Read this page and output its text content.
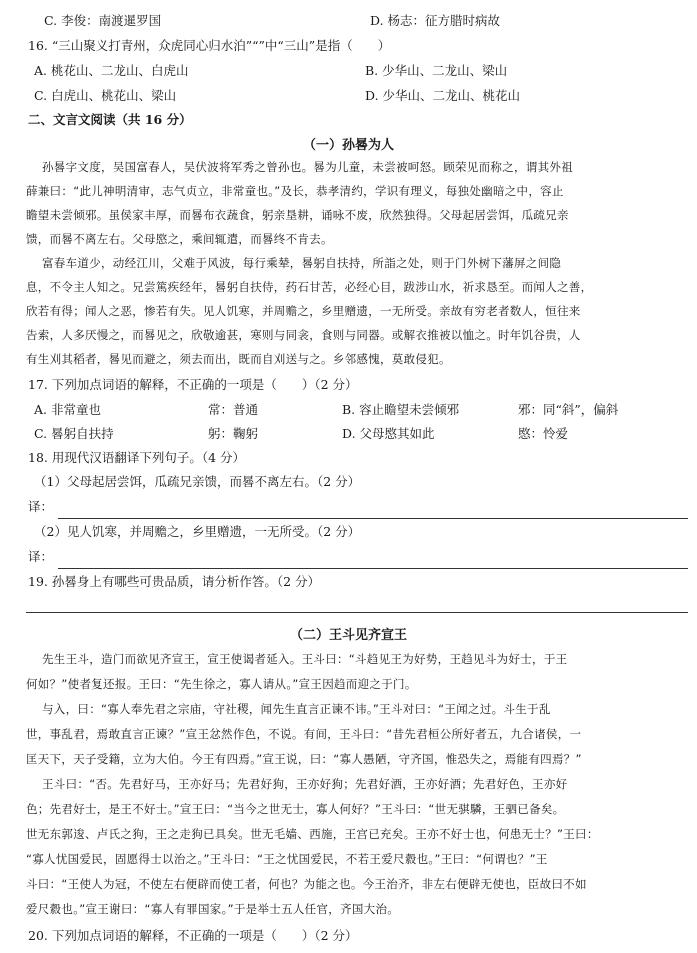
C. 李俊：南渡暹罗国	D. 杨志：征方腊时病故
16. “三山聚义打青州，众虎同心归水泊”“”中“三山”是指（　　）
A. 桃花山、二龙山、白虎山	B. 少华山、二龙山、梁山
C. 白虎山、桃花山、梁山	D. 少华山、二龙山、桃花山
二、文言文阅读（共 16 分）
（一）孙晷为人
孙晷字文度，吴国富春人，吴伏波将军秀之曾孙也。晷为儿童，未尝被呵怒。顾荣见而称之，谓其外祖
薛兼曰：“此儿神明清审，志气贞立，非常童也。”及长，恭孝清约，学识有理义，每独处幽暗之中，容止
瞻望未尝倾邪。虽侯家丰厚，而晷布衣蔬食，躬亲垦耕，诵咏不废，欣然独得。父母起居尝饵，瓜疏兄亲
馈，而晷不离左右。父母愍之，乘间辄遣，而晷终不肯去。
富春车道少，动经江川，父难于风波，每行乘辇，晷躬自扶持，所詣之处，则于门外树下藩屏之间隐
息，不令主人知之。兄尝篤疾经年，晷躬自扶侍，药石甘苦，必经心目，跋涉山水，祈求恳至。而闻人之善，
欣若有得；闻人之恶，惨若有失。见人饥寒，并周赡之，乡里赠遗，一无所受。亲故有穷老者数人，恒往来
告索，人多厌慢之，而晷见之，欣敬逾甚，寒则与同衾，食则与同器。或解衣推被以恤之。时年饥谷贵，人
有生刈其稻者，晷见而避之，须去而出，既而自刈送与之。乡邻感愧，莫敢侵犯。
17. 下列加点词语的解释，不正确的一项是（　　）（2 分）
A. 非常童也	常：普通	B. 容止瞻望未尝倾邪	邪：同“斜”，偏斜
C. 晷躬自扶持	躬：鞠躬	D. 父母愍其如此	愍：怜爱
18. 用现代汉语翻译下列句子。（4 分）
（1）父母起居尝饵，瓜疏兄亲馈，而晷不离左右。（2 分）
译：
（2）见人饥寒，并周赡之，乡里赠遗，一无所受。（2 分）
译：
19. 孙晷身上有哪些可贵品质，请分析作答。（2 分）
（二）王斗见齐宣王
先生王斗，造门而欲见齐宣王，宣王使谒者延入。王斗曰：“斗趋见王为好势，王趋见斗为好士，于王
何如？”使者复还报。王曰：“先生徐之，寡人请从。”宣王因趋而迎之于门。
与入，曰：“寡人奉先君之宗庙，守社稷，闻先生直言正谏不讳。”王斗对曰：“王闻之过。斗生于乱
世，事乱君，焉敢直言正谏？”宣王忿然作色，不说。有间，王斗曰：“昔先君桓公所好者五，九合诸侯，一
匡天下，天子受籍，立为大伯。今王有四焉。”宣王说，曰：“寡人愚陋，守齐国，惟恐失之，焉能有四焉？”
王斗曰：“否。先君好马，王亦好马；先君好狗，王亦好狗；先君好酒，王亦好酒；先君好色，王亦好
色；先君好士，是王不好士。”宣王曰：“当今之世无士，寡人何好？”王斗曰：“世无骐驎，王驷已备矣。
世无东郭逡、卢氏之狗，王之走狗已具矣。世无毛嫱、西施，王宫已充矣。王亦不好士也，何患无士？”王曰：
“寡人忧国爱民，固愿得士以治之。”王斗曰：“王之忧国爱民，不若王爱尺縠也。”王曰：“何谓也？”王
斗曰：“王使人为冠，不使左右便辟而使工者，何也？为能之也。今王治齐，非左右便辟无使也，臣故曰不如
爱尺縠也。”宣王谢曰：“寡人有罪国家。”于是举士五人任官，齐国大治。
20. 下列加点词语的解释，不正确的一项是（　　）（2 分）
